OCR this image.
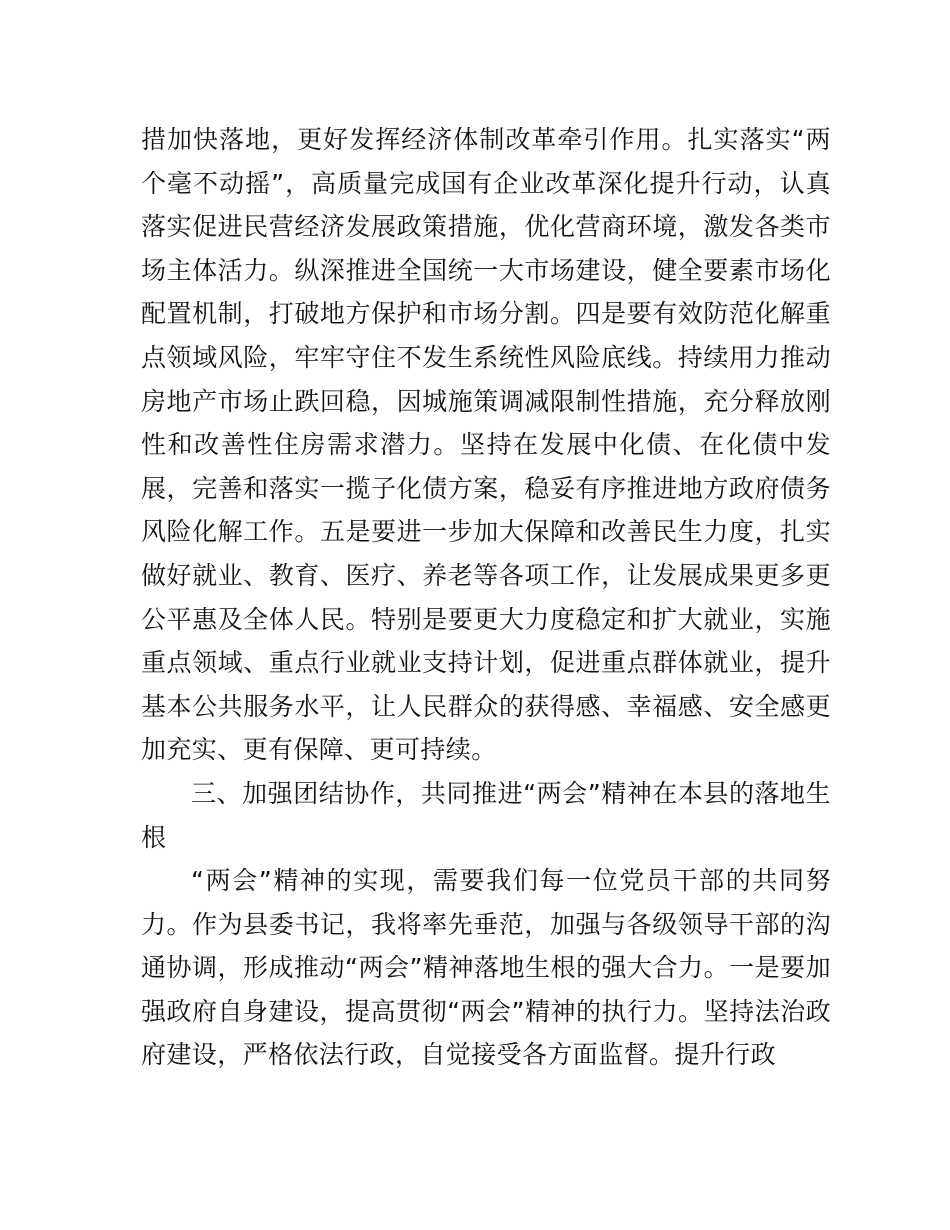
措加快落地，更好发挥经济体制改革牵引作用。扎实落实“两个毫不动摇”，高质量完成国有企业改革深化提升行动，认真落实促进民营经济发展政策措施，优化营商环境，激发各类市场主体活力。纵深推进全国统一大市场建设，健全要素市场化配置机制，打破地方保护和市场分割。四是要有效防范化解重点领域风险，牢牢守住不发生系统性风险底线。持续用力推动房地产市场止跌回稳，因城施策调减限制性措施，充分释放刚性和改善性住房需求潜力。坚持在发展中化债、在化债中发展，完善和落实一揽子化债方案，稳妥有序推进地方政府债务风险化解工作。五是要进一步加大保障和改善民生力度，扎实做好就业、教育、医疗、养老等各项工作，让发展成果更多更公平惠及全体人民。特别是要更大力度稳定和扩大就业，实施重点领域、重点行业就业支持计划，促进重点群体就业，提升基本公共服务水平，让人民群众的获得感、幸福感、安全感更加充实、更有保障、更可持续。

三、加强团结协作，共同推进“两会”精神在本县的落地生根

“两会”精神的实现，需要我们每一位党员干部的共同努力。作为县委书记，我将率先垂范，加强与各级领导干部的沟通协调，形成推动“两会”精神落地生根的强大合力。一是要加强政府自身建设，提高贯彻“两会”精神的执行力。坚持法治政府建设，严格依法行政，自觉接受各方面监督。提升行政
